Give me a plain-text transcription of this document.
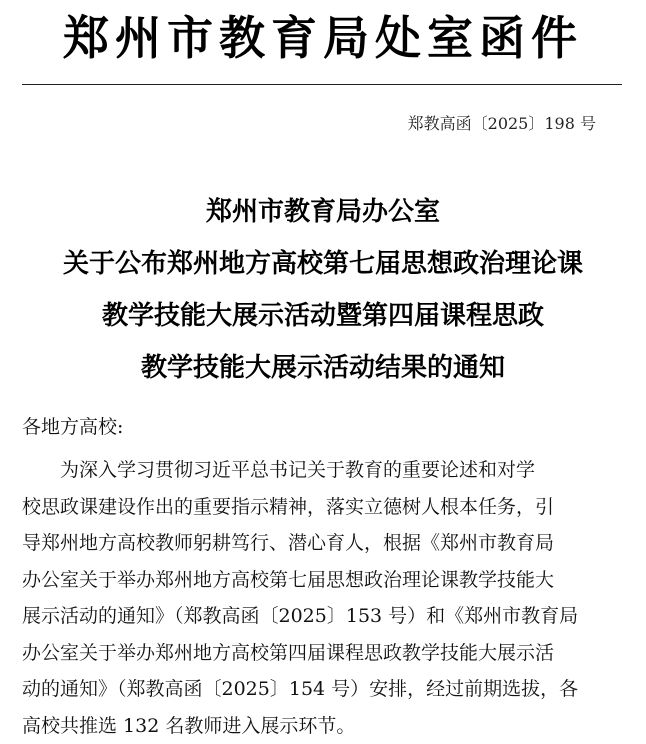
郑州市教育局处室函件
郑教高函〔2025〕198 号
郑州市教育局办公室
关于公布郑州地方高校第七届思想政治理论课
教学技能大展示活动暨第四届课程思政
教学技能大展示活动结果的通知
各地方高校:
为深入学习贯彻习近平总书记关于教育的重要论述和对学
校思政课建设作出的重要指示精神，落实立德树人根本任务，引
导郑州地方高校教师躬耕笃行、潜心育人，根据《郑州市教育局
办公室关于举办郑州地方高校第七届思想政治理论课教学技能大
展示活动的通知》（郑教高函〔2025〕153 号）和《郑州市教育局
办公室关于举办郑州地方高校第四届课程思政教学技能大展示活
动的通知》（郑教高函〔2025〕154 号）安排，经过前期选拔，各
高校共推选 132 名教师进入展示环节。
